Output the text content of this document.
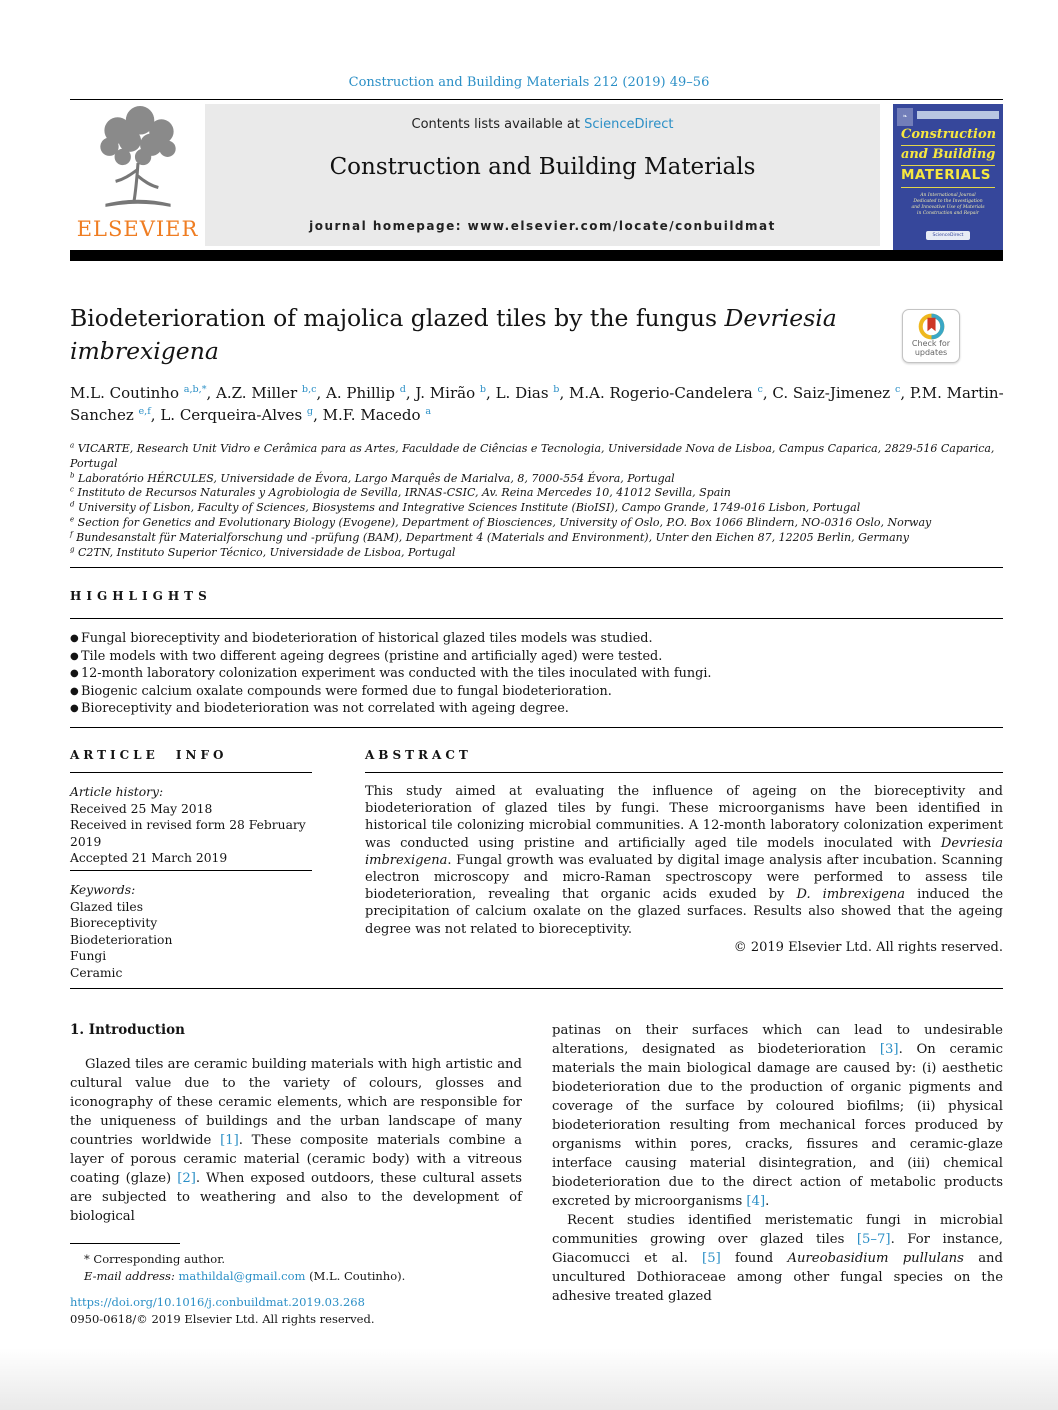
Construction and Building Materials 212 (2019) 49–56
ELSEVIER
Contents lists available at ScienceDirect
Construction and Building Materials
journal homepage: www.elsevier.com/locate/conbuildmat
❧
Construction
and Building
MATERIALS
An International Journal Dedicated to the Investigation and Innovative Use of Materials in Construction and Repair
ScienceDirect
Biodeterioration of majolica glazed tiles by the fungus Devriesia imbrexigena	Check for
updates
M.L. Coutinho $^{a,b,*}$, A.Z. Miller $^{b,c}$, A. Phillip $^d$, J. Mirão $^b$, L. Dias $^b$, M.A. Rogerio-Candelera $^c$, C. Saiz-Jimenez $^c$, P.M. Martin-Sanchez $^{e,f}$, L. Cerqueira-Alves $^g$, M.F. Macedo $^a$
$^a$ VICARTE, Research Unit Vidro e Cerâmica para as Artes, Faculdade de Ciências e Tecnologia, Universidade Nova de Lisboa, Campus Caparica, 2829-516 Caparica, Portugal
$^b$ Laboratório HÉRCULES, Universidade de Évora, Largo Marquês de Marialva, 8, 7000-554 Évora, Portugal
$^c$ Instituto de Recursos Naturales y Agrobiologia de Sevilla, IRNAS-CSIC, Av. Reina Mercedes 10, 41012 Sevilla, Spain
$^d$ University of Lisbon, Faculty of Sciences, Biosystems and Integrative Sciences Institute (BioISI), Campo Grande, 1749-016 Lisbon, Portugal
$^e$ Section for Genetics and Evolutionary Biology (Evogene), Department of Biosciences, University of Oslo, P.O. Box 1066 Blindern, NO-0316 Oslo, Norway
$^f$ Bundesanstalt für Materialforschung und -prüfung (BAM), Department 4 (Materials and Environment), Unter den Eichen 87, 12205 Berlin, Germany
$^g$ C2TN, Instituto Superior Técnico, Universidade de Lisboa, Portugal
HIGHLIGHTS
● Fungal bioreceptivity and biodeterioration of historical glazed tiles models was studied.
● Tile models with two different ageing degrees (pristine and artificially aged) were tested.
● 12-month laboratory colonization experiment was conducted with the tiles inoculated with fungi.
● Biogenic calcium oxalate compounds were formed due to fungal biodeterioration.
● Bioreceptivity and biodeterioration was not correlated with ageing degree.
ARTICLE INFO	ABSTRACT
Article history:
Received 25 May 2018
Received in revised form 28 February 2019
Accepted 21 March 2019
Keywords:
Glazed tiles
Bioreceptivity
Biodeterioration
Fungi
Ceramic
This study aimed at evaluating the influence of ageing on the bioreceptivity and biodeterioration of glazed tiles by fungi. These microorganisms have been identified in historical tile colonizing microbial communities. A 12-month laboratory colonization experiment was conducted using pristine and artificially aged tile models inoculated with Devriesia imbrexigena. Fungal growth was evaluated by digital image analysis after incubation. Scanning electron microscopy and micro-Raman spectroscopy were performed to assess tile biodeterioration, revealing that organic acids exuded by D. imbrexigena induced the precipitation of calcium oxalate on the glazed surfaces. Results also showed that the ageing degree was not related to bioreceptivity.
© 2019 Elsevier Ltd. All rights reserved.
1. Introduction

Glazed tiles are ceramic building materials with high artistic and cultural value due to the variety of colours, glosses and iconography of these ceramic elements, which are responsible for the uniqueness of buildings and the urban landscape of many countries worldwide [1]. These composite materials combine a layer of porous ceramic material (ceramic body) with a vitreous coating (glaze) [2]. When exposed outdoors, these cultural assets are subjected to weathering and also to the development of biological

patinas on their surfaces which can lead to undesirable alterations, designated as biodeterioration [3]. On ceramic materials the main biological damage are caused by: (i) aesthetic biodeterioration due to the production of organic pigments and coverage of the surface by coloured biofilms; (ii) physical biodeterioration resulting from mechanical forces produced by organisms within pores, cracks, fissures and ceramic-glaze interface causing material disintegration, and (iii) chemical biodeterioration due to the direct action of metabolic products excreted by microorganisms [4].

Recent studies identified meristematic fungi in microbial communities growing over glazed tiles [5–7]. For instance, Giacomucci et al. [5] found Aureobasidium pullulans and uncultured Dothioraceae among other fungal species on the adhesive treated glazed

* Corresponding author.
E-mail address: mathildal@gmail.com (M.L. Coutinho).
https://doi.org/10.1016/j.conbuildmat.2019.03.268
0950-0618/© 2019 Elsevier Ltd. All rights reserved.
